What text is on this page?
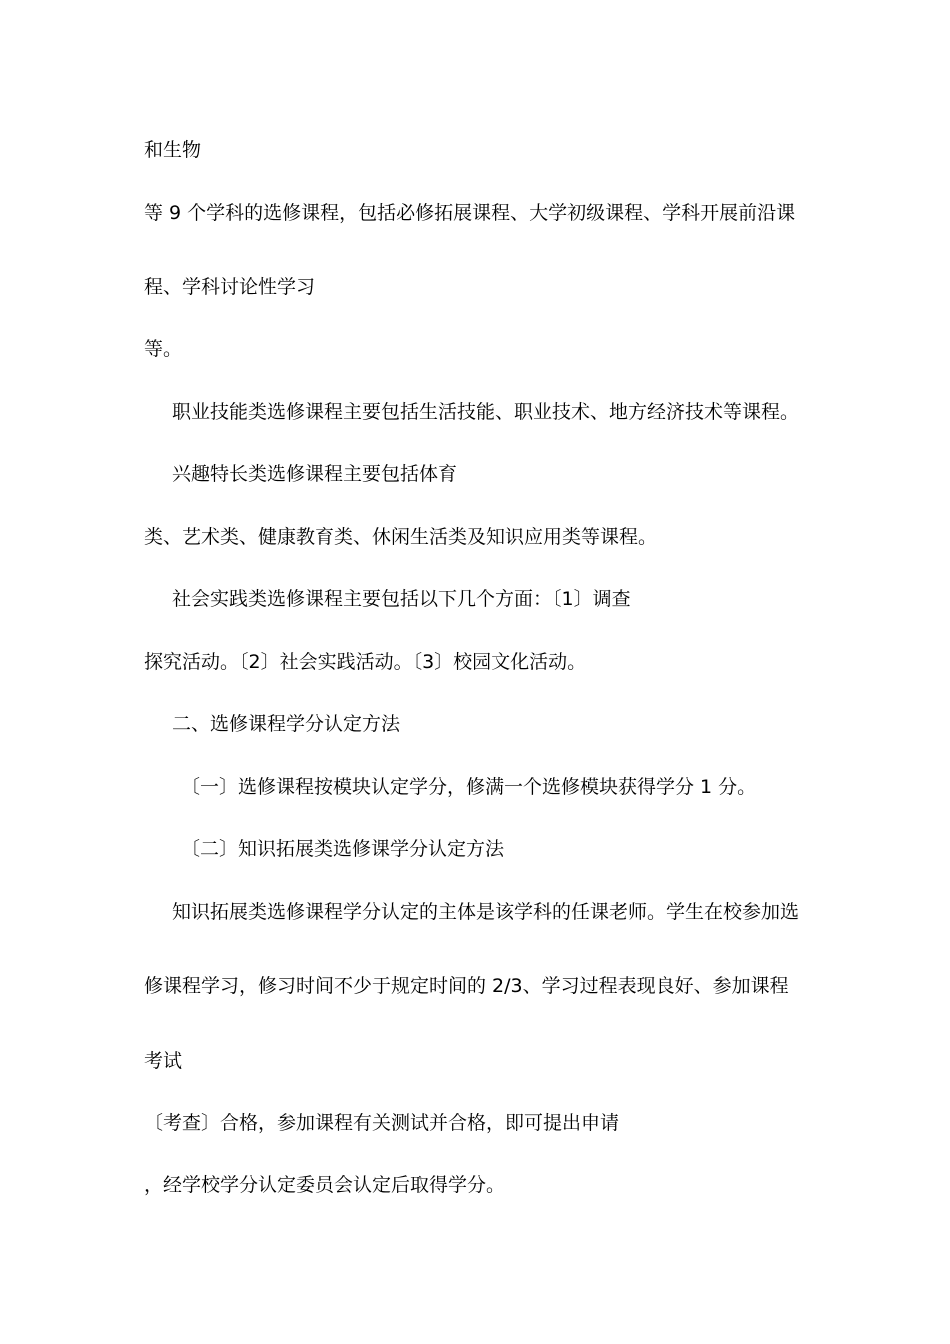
和生物
等 9 个学科的选修课程，包括必修拓展课程、大学初级课程、学科开展前沿课
程、学科讨论性学习
等。
职业技能类选修课程主要包括生活技能、职业技术、地方经济技术等课程。
兴趣特长类选修课程主要包括体育
类、艺术类、健康教育类、休闲生活类及知识应用类等课程。
社会实践类选修课程主要包括以下几个方面：〔1〕调查
探究活动。〔2〕社会实践活动。〔3〕校园文化活动。
二、选修课程学分认定方法
〔一〕选修课程按模块认定学分，修满一个选修模块获得学分 1 分。
〔二〕知识拓展类选修课学分认定方法
知识拓展类选修课程学分认定的主体是该学科的任课老师。学生在校参加选
修课程学习，修习时间不少于规定时间的 2/3、学习过程表现良好、参加课程
考试
〔考查〕合格，参加课程有关测试并合格，即可提出申请
，经学校学分认定委员会认定后取得学分。
